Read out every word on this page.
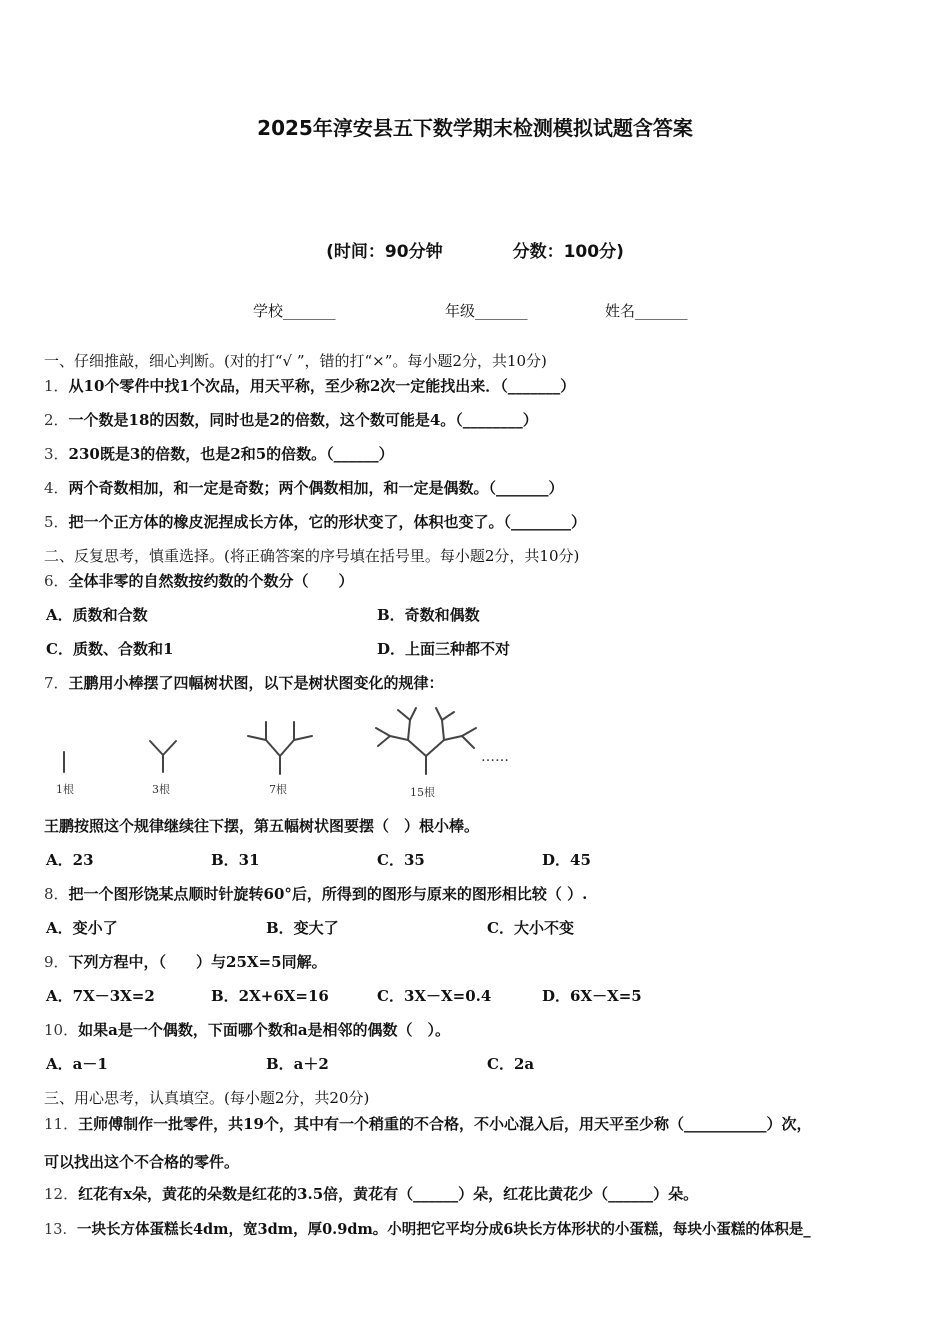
2025年淳安县五下数学期末检测模拟试题含答案
(时间：90分钟	分数：100分)
学校_______	年级_______	姓名_______
一、仔细推敲，细心判断。(对的打“√ ”，错的打“×”。每小题2分，共10分)
1．从10个零件中找1个次品，用天平称，至少称2次一定能找出来．（_______）
2．一个数是18的因数，同时也是2的倍数，这个数可能是4。（________）
3．230既是3的倍数，也是2和5的倍数。（______）
4．两个奇数相加，和一定是奇数；两个偶数相加，和一定是偶数。（_______）
5．把一个正方体的橡皮泥捏成长方体，它的形状变了，体积也变了。（________）
二、反复思考，慎重选择。(将正确答案的序号填在括号里。每小题2分，共10分)
6．全体非零的自然数按约数的个数分（　　）
A．质数和合数	B．奇数和偶数
C．质数、合数和1	D．上面三种都不对
7．王鹏用小棒摆了四幅树状图，以下是树状图变化的规律：
1根	3根	7根	15根
……
王鹏按照这个规律继续往下摆，第五幅树状图要摆（　）根小棒。
A．23	B．31	C．35	D．45
8．把一个图形饶某点顺时针旋转60°后，所得到的图形与原来的图形相比较（ ）.
A．变小了	B．变大了	C．大小不变
9．下列方程中，（　　）与25X=5同解。
A．7X－3X=2	B．2X+6X=16	C．3X－X=0.4	D．6X－X=5
10．如果a是一个偶数，下面哪个数和a是相邻的偶数（　）。
A．a－1	B．a＋2	C．2a
三、用心思考，认真填空。(每小题2分，共20分)
11．王师傅制作一批零件，共19个，其中有一个稍重的不合格，不小心混入后，用天平至少称（___________）次，
可以找出这个不合格的零件。
12．红花有x朵，黄花的朵数是红花的3.5倍，黄花有（______）朵，红花比黄花少（______）朵。
13．一块长方体蛋糕长4dm，宽3dm，厚0.9dm。小明把它平均分成6块长方体形状的小蛋糕，每块小蛋糕的体积是_
